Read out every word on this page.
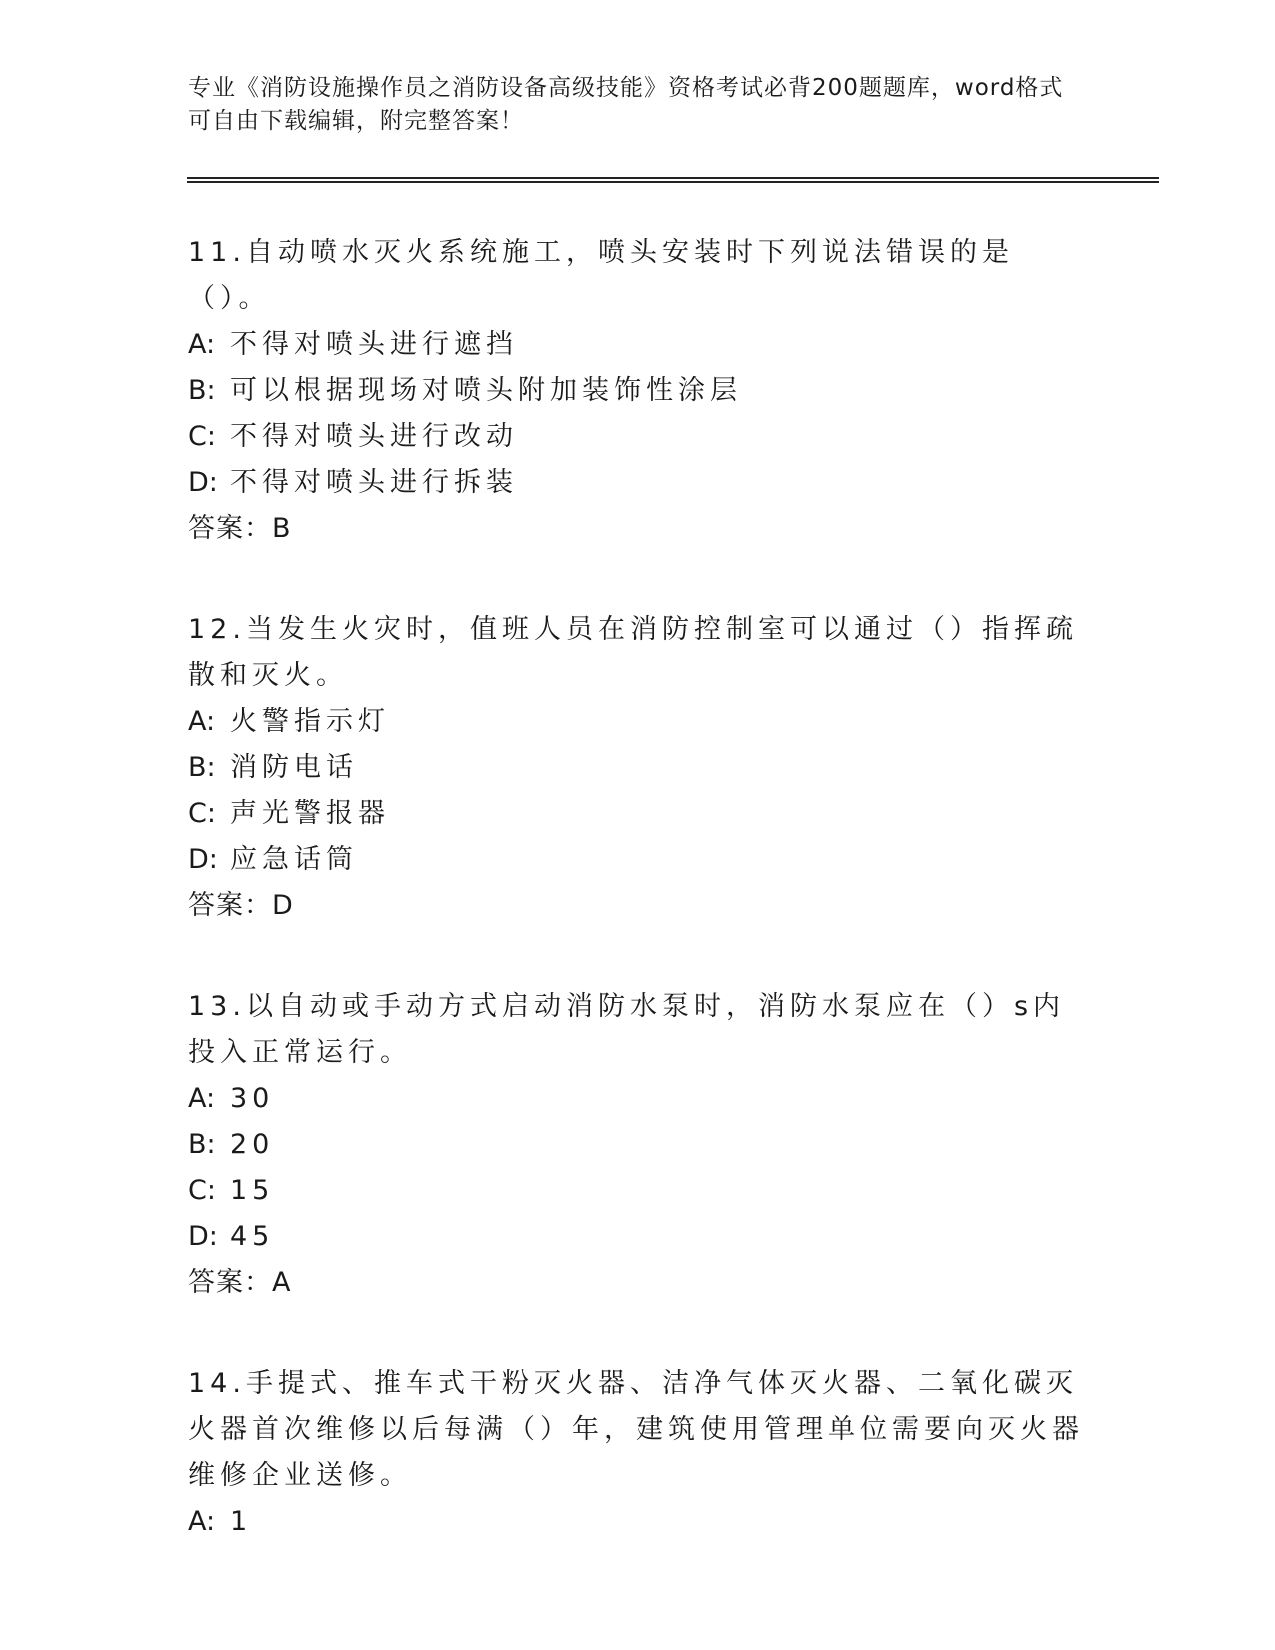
专业《消防设施操作员之消防设备高级技能》资格考试必背200题题库，word格式可自由下载编辑，附完整答案！

11.自动喷水灭火系统施工，喷头安装时下列说法错误的是（）。

A: 不得对喷头进行遮挡

B: 可以根据现场对喷头附加装饰性涂层

C: 不得对喷头进行改动

D: 不得对喷头进行拆装

答案：B

12.当发生火灾时，值班人员在消防控制室可以通过（）指挥疏散和灭火。

A: 火警指示灯

B: 消防电话

C: 声光警报器

D: 应急话筒

答案：D

13.以自动或手动方式启动消防水泵时，消防水泵应在（）s内投入正常运行。

A: 30

B: 20

C: 15

D: 45

答案：A

14.手提式、推车式干粉灭火器、洁净气体灭火器、二氧化碳灭火器首次维修以后每满（）年，建筑使用管理单位需要向灭火器维修企业送修。

A: 1
